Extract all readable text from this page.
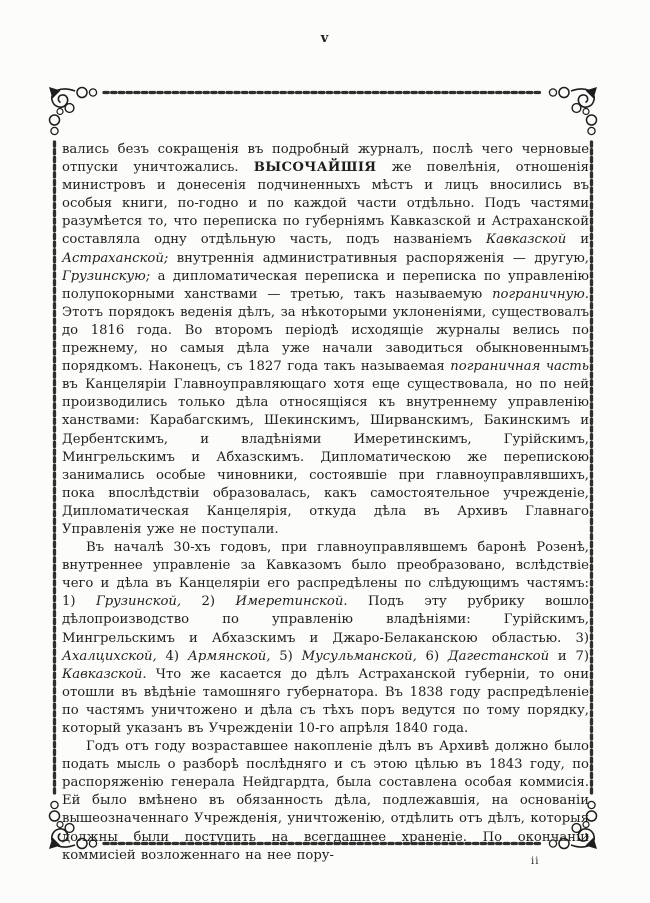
v

вались безъ сокращенія въ подробный журналъ, послѣ чего черновые отпуски уничтожались. ВЫСОЧАЙШІЯ же повелѣнія, отношенія министровъ и донесенія подчиненныхъ мѣстъ и лицъ вносились въ особыя книги, по-годно и по каждой части отдѣльно. Подъ частями разумѣется то, что переписка по губерніямъ Кавказской и Астраханской составляла одну отдѣльную часть, подъ названіемъ Кавказской и Астраханской; внутреннія административныя распоряженія — другую, Грузинскую; а дипломатическая переписка и переписка по управленію полупокорными ханствами — третью, такъ называемую пограничную. Этотъ порядокъ веденія дѣлъ, за нѣкоторыми уклоненіями, существовалъ до 1816 года. Во второмъ періодѣ исходящіе журналы велись по прежнему, но самыя дѣла уже начали заводиться обыкновеннымъ порядкомъ. Наконецъ, съ 1827 года такъ называемая пограничная часть въ Канцеляріи Главноуправляющаго хотя еще существовала, но по ней производились только дѣла относящіяся къ внутреннему управленію ханствами: Карабагскимъ, Шекинскимъ, Ширванскимъ, Бакинскимъ и Дербентскимъ, и владѣніями Имеретинскимъ, Гурійскимъ, Мингрельскимъ и Абхазскимъ. Дипломатическою же перепискою занимались особые чиновники, состоявшіе при главноуправлявшихъ, пока впослѣдствіи образовалась, какъ самостоятельное учрежденіе, Дипломатическая Канцелярія, откуда дѣла въ Архивъ Главнаго Управленія уже не поступали.

Въ началѣ 30-хъ годовъ, при главноуправлявшемъ баронѣ Розенѣ, внутреннее управленіе за Кавказомъ было преобразовано, вслѣдствіе чего и дѣла въ Канцеляріи его распредѣлены по слѣдующимъ частямъ: 1) Грузинской, 2) Имеретинской. Подъ эту рубрику вошло дѣлопроизводство по управленію владѣніями: Гурійскимъ, Мингрельскимъ и Абхазскимъ и Джаро-Белаканскою областью. 3) Ахалцихской, 4) Армянской, 5) Мусульманской, 6) Дагестанской и 7) Кавказской. Что же касается до дѣлъ Астраханской губерніи, то они отошли въ вѣдѣніе тамошняго губернатора. Въ 1838 году распредѣленіе по частямъ уничтожено и дѣла съ тѣхъ поръ ведутся по тому порядку, который указанъ въ Учрежденіи 10-го апрѣля 1840 года.

Годъ отъ году возраставшее накопленіе дѣлъ въ Архивѣ должно было подать мысль о разборѣ послѣдняго и съ этою цѣлью въ 1843 году, по распоряженію генерала Нейдгардта, была составлена особая коммисія. Ей было вмѣнено въ обязанность дѣла, подлежавшія, на основаніи вышеозначеннаго Учрежденія, уничтоженію, отдѣлить отъ дѣлъ, которыя должны были поступить на всегдашнее храненіе. По окончаніи коммисіей возложеннаго на нее пору-	ii
